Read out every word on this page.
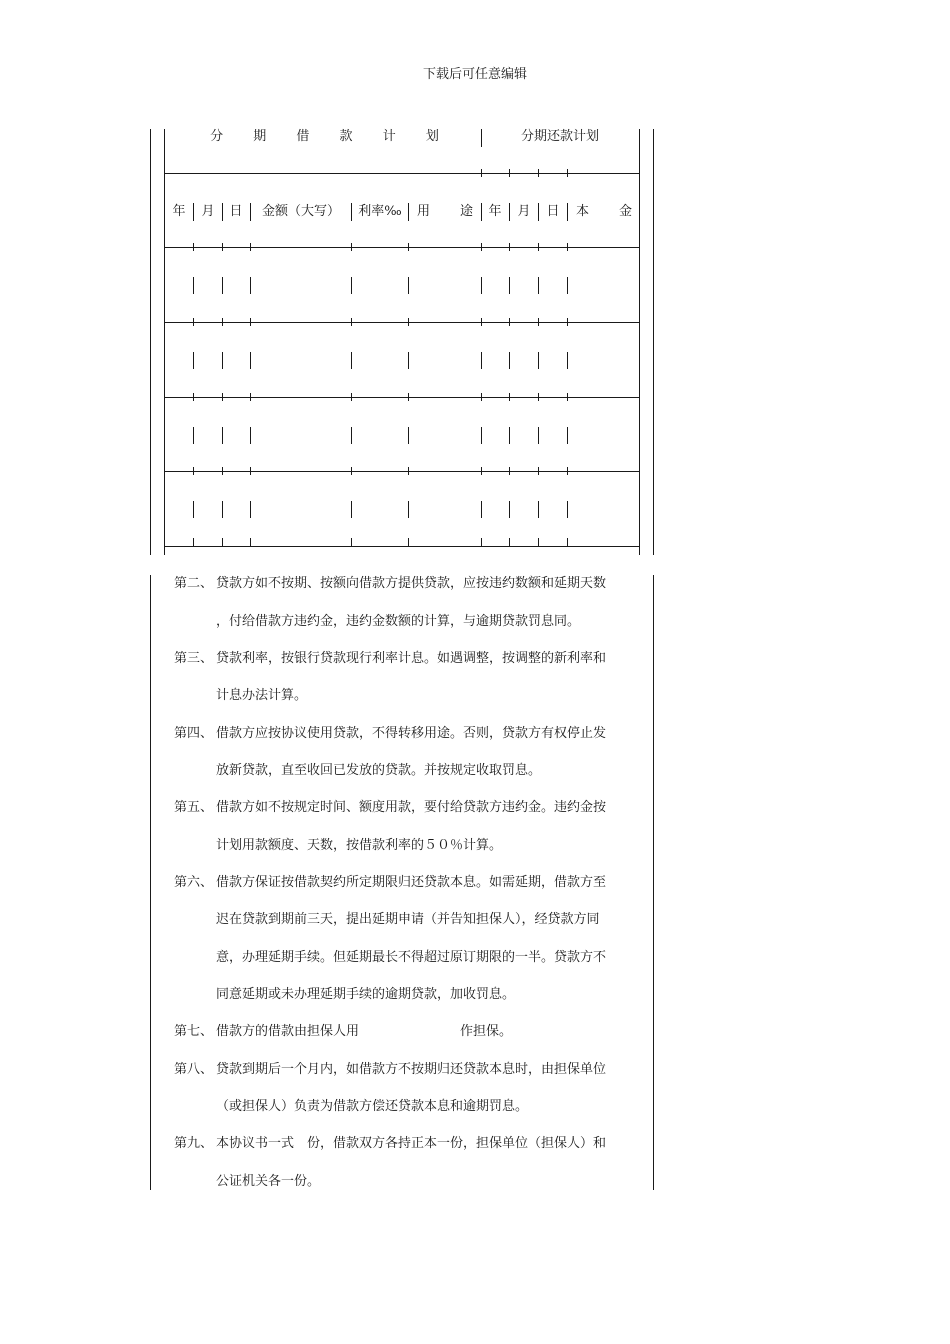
下载后可任意编辑
分 期 借 款 计 划	分期还款计划
年 月 日 金额（大写） 利率‰ 用 途 年 月 日 本 金
第二、 贷款方如不按期、按额向借款方提供贷款，应按违约数额和延期天数
，付给借款方违约金，违约金数额的计算，与逾期贷款罚息同。
第三、 贷款利率，按银行贷款现行利率计息。如遇调整，按调整的新利率和
计息办法计算。
第四、 借款方应按协议使用贷款，不得转移用途。否则，贷款方有权停止发
放新贷款，直至收回已发放的贷款。并按规定收取罚息。
第五、 借款方如不按规定时间、额度用款，要付给贷款方违约金。违约金按
计划用款额度、天数，按借款利率的５０％计算。
第六、 借款方保证按借款契约所定期限归还贷款本息。如需延期，借款方至
迟在贷款到期前三天，提出延期申请（并告知担保人），经贷款方同
意，办理延期手续。但延期最长不得超过原订期限的一半。贷款方不
同意延期或未办理延期手续的逾期贷款，加收罚息。
第七、 借款方的借款由担保人用	作担保。
第八、 贷款到期后一个月内，如借款方不按期归还贷款本息时，由担保单位
（或担保人）负责为借款方偿还贷款本息和逾期罚息。
第九、 本协议书一式　份，借款双方各持正本一份，担保单位（担保人）和
公证机关各一份。
